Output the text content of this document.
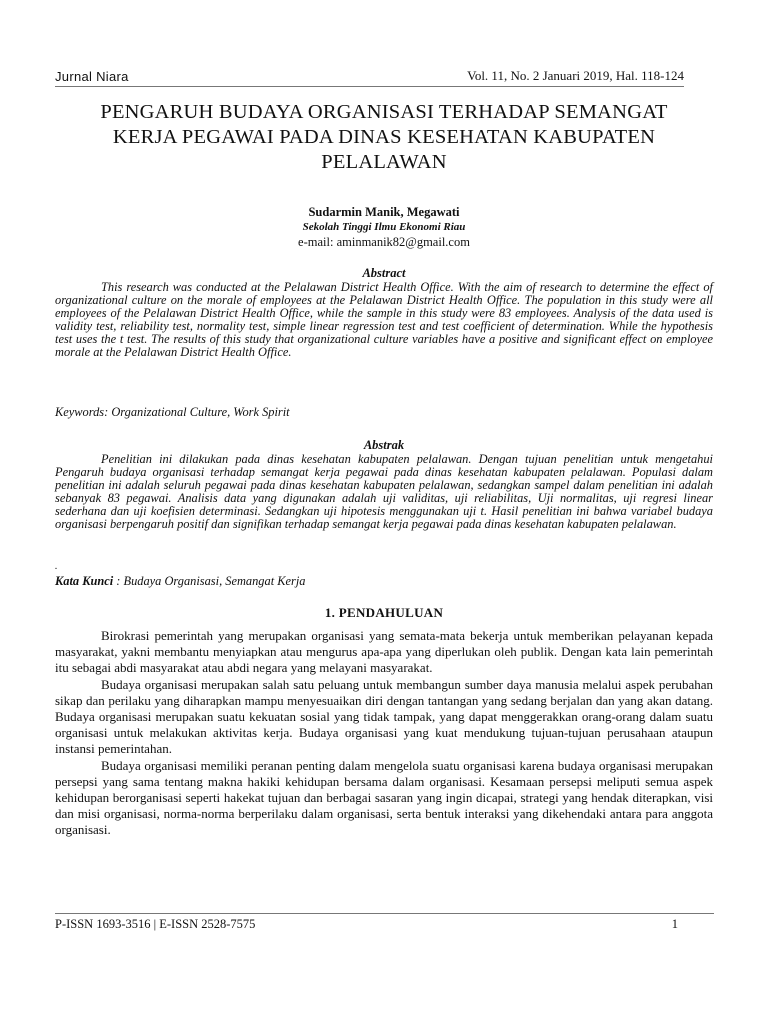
Jurnal Niara	Vol. 11, No. 2 Januari 2019, Hal. 118-124
PENGARUH BUDAYA ORGANISASI TERHADAP SEMANGAT
KERJA PEGAWAI PADA DINAS KESEHATAN KABUPATEN
PELALAWAN
Sudarmin Manik, Megawati
Sekolah Tinggi Ilmu Ekonomi Riau
e-mail: aminmanik82@gmail.com
Abstract
This research was conducted at the Pelalawan District Health Office. With the aim of research to determine the effect of organizational culture on the morale of employees at the Pelalawan District Health Office. The population in this study were all employees of the Pelalawan District Health Office, while the sample in this study were 83 employees. Analysis of the data used is validity test, reliability test, normality test, simple linear regression test and test coefficient of determination. While the hypothesis test uses the t test. The results of this study that organizational culture variables have a positive and significant effect on employee morale at the Pelalawan District Health Office.
Keywords: Organizational Culture, Work Spirit
Abstrak
Penelitian ini dilakukan pada dinas kesehatan kabupaten pelalawan. Dengan tujuan penelitian untuk mengetahui Pengaruh budaya organisasi terhadap semangat kerja pegawai pada dinas kesehatan kabupaten pelalawan. Populasi dalam penelitian ini adalah seluruh pegawai pada dinas kesehatan kabupaten pelalawan, sedangkan sampel dalam penelitian ini adalah sebanyak 83 pegawai. Analisis data yang digunakan adalah uji validitas, uji reliabilitas, Uji normalitas, uji regresi linear sederhana dan uji koefisien determinasi. Sedangkan uji hipotesis menggunakan uji t. Hasil penelitian ini bahwa variabel budaya organisasi berpengaruh positif dan signifikan terhadap semangat kerja pegawai pada dinas kesehatan kabupaten pelalawan.
.
Kata Kunci : Budaya Organisasi, Semangat Kerja
1. PENDAHULUAN

Birokrasi pemerintah yang merupakan organisasi yang semata-mata bekerja untuk memberikan pelayanan kepada masyarakat, yakni membantu menyiapkan atau mengurus apa-apa yang diperlukan oleh publik. Dengan kata lain pemerintah itu sebagai abdi masyarakat atau abdi negara yang melayani masyarakat.

Budaya organisasi merupakan salah satu peluang untuk membangun sumber daya manusia melalui aspek perubahan sikap dan perilaku yang diharapkan mampu menyesuaikan diri dengan tantangan yang sedang berjalan dan yang akan datang. Budaya organisasi merupakan suatu kekuatan sosial yang tidak tampak, yang dapat menggerakkan orang-orang dalam suatu organisasi untuk melakukan aktivitas kerja. Budaya organisasi yang kuat mendukung tujuan-tujuan perusahaan ataupun instansi pemerintahan.

Budaya organisasi memiliki peranan penting dalam mengelola suatu organisasi karena budaya organisasi merupakan persepsi yang sama tentang makna hakiki kehidupan bersama dalam organisasi. Kesamaan persepsi meliputi semua aspek kehidupan berorganisasi seperti hakekat tujuan dan berbagai sasaran yang ingin dicapai, strategi yang hendak diterapkan, visi dan misi organisasi, norma-norma berperilaku dalam organisasi, serta bentuk interaksi yang dikehendaki antara para anggota organisasi.

P-ISSN 1693-3516 | E-ISSN 2528-7575	1
